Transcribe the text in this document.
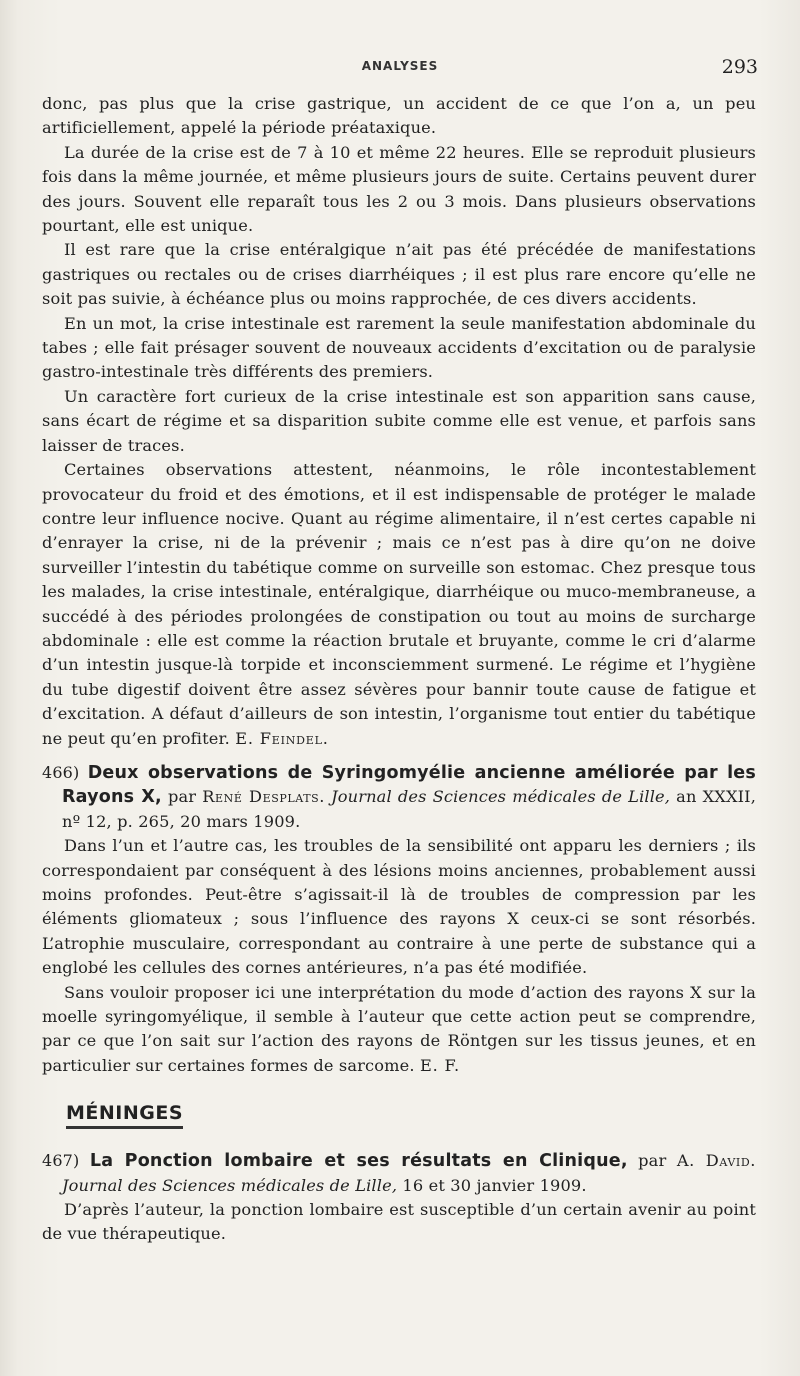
ANALYSES	293

donc, pas plus que la crise gastrique, un accident de ce que l’on a, un peu artificiellement, appelé la période préataxique.

La durée de la crise est de 7 à 10 et même 22 heures. Elle se reproduit plusieurs fois dans la même journée, et même plusieurs jours de suite. Certains peuvent durer des jours. Souvent elle reparaît tous les 2 ou 3 mois. Dans plusieurs observations pourtant, elle est unique.

Il est rare que la crise entéralgique n’ait pas été précédée de manifestations gastriques ou rectales ou de crises diarrhéiques ; il est plus rare encore qu’elle ne soit pas suivie, à échéance plus ou moins rapprochée, de ces divers accidents.

En un mot, la crise intestinale est rarement la seule manifestation abdominale du tabes ; elle fait présager souvent de nouveaux accidents d’excitation ou de paralysie gastro-intestinale très différents des premiers.

Un caractère fort curieux de la crise intestinale est son apparition sans cause, sans écart de régime et sa disparition subite comme elle est venue, et parfois sans laisser de traces.

Certaines observations attestent, néanmoins, le rôle incontestablement provocateur du froid et des émotions, et il est indispensable de protéger le malade contre leur influence nocive. Quant au régime alimentaire, il n’est certes capable ni d’enrayer la crise, ni de la prévenir ; mais ce n’est pas à dire qu’on ne doive surveiller l’intestin du tabétique comme on surveille son estomac. Chez presque tous les malades, la crise intestinale, entéralgique, diarrhéique ou muco-membraneuse, a succédé à des périodes prolongées de constipation ou tout au moins de surcharge abdominale : elle est comme la réaction brutale et bruyante, comme le cri d’alarme d’un intestin jusque-là torpide et inconsciemment surmené. Le régime et l’hygiène du tube digestif doivent être assez sévères pour bannir toute cause de fatigue et d’excitation. A défaut d’ailleurs de son intestin, l’organisme tout entier du tabétique ne peut qu’en profiter. E. Feindel.

466) Deux observations de Syringomyélie ancienne améliorée par les Rayons X, par René Desplats. Journal des Sciences médicales de Lille, an XXXII, nº 12, p. 265, 20 mars 1909.

Dans l’un et l’autre cas, les troubles de la sensibilité ont apparu les derniers ; ils correspondaient par conséquent à des lésions moins anciennes, probablement aussi moins profondes. Peut-être s’agissait-il là de troubles de compression par les éléments gliomateux ; sous l’influence des rayons X ceux-ci se sont résorbés. L’atrophie musculaire, correspondant au contraire à une perte de substance qui a englobé les cellules des cornes antérieures, n’a pas été modifiée.

Sans vouloir proposer ici une interprétation du mode d’action des rayons X sur la moelle syringomyélique, il semble à l’auteur que cette action peut se comprendre, par ce que l’on sait sur l’action des rayons de Röntgen sur les tissus jeunes, et en particulier sur certaines formes de sarcome. E. F.

MÉNINGES
467) La Ponction lombaire et ses résultats en Clinique, par A. David. Journal des Sciences médicales de Lille, 16 et 30 janvier 1909.

D’après l’auteur, la ponction lombaire est susceptible d’un certain avenir au point de vue thérapeutique.
